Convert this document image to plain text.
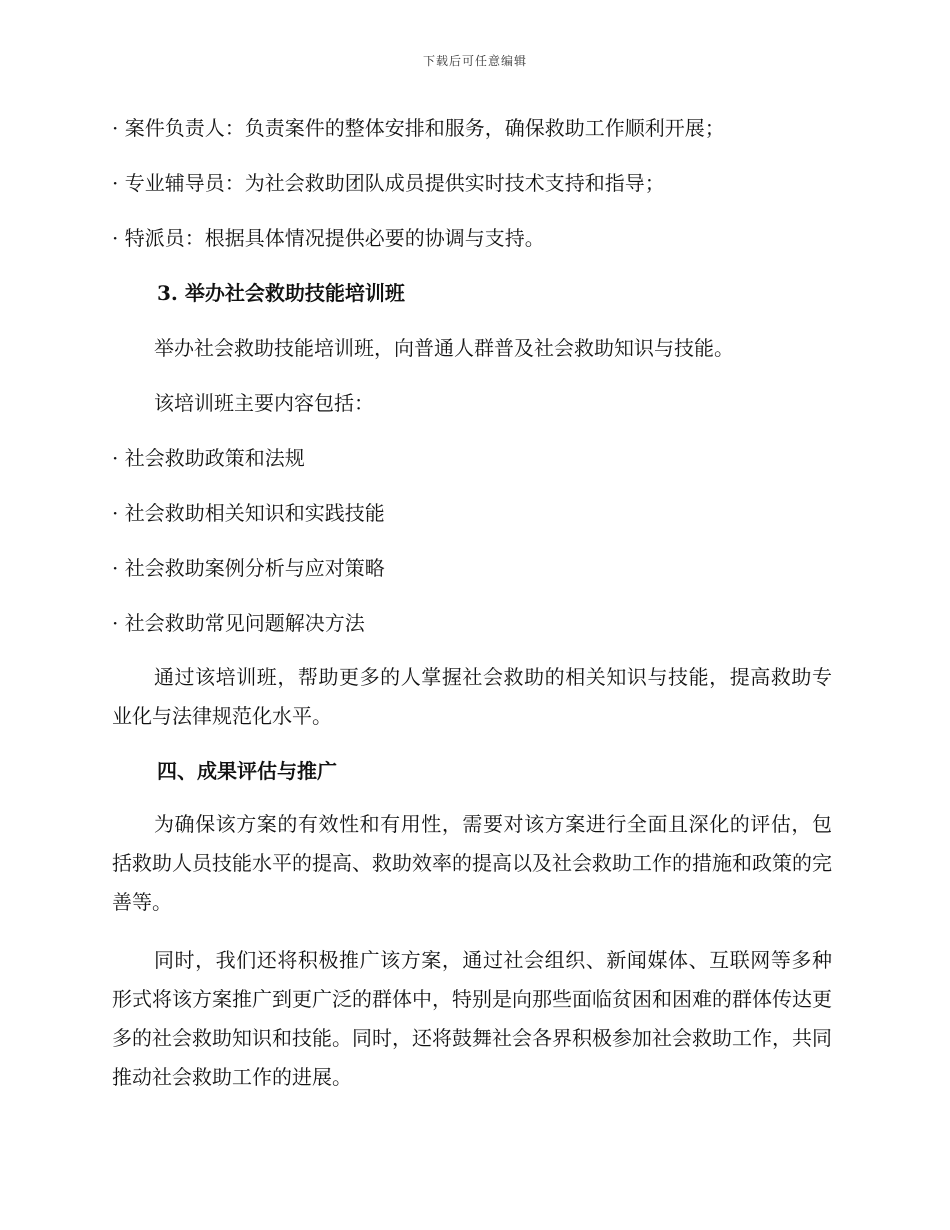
下载后可任意编辑

· 案件负责人：负责案件的整体安排和服务，确保救助工作顺利开展；

· 专业辅导员：为社会救助团队成员提供实时技术支持和指导；

· 特派员：根据具体情况提供必要的协调与支持。

3. 举办社会救助技能培训班

举办社会救助技能培训班，向普通人群普及社会救助知识与技能。

该培训班主要内容包括：

· 社会救助政策和法规

· 社会救助相关知识和实践技能

· 社会救助案例分析与应对策略

· 社会救助常见问题解决方法

通过该培训班，帮助更多的人掌握社会救助的相关知识与技能，提高救助专业化与法律规范化水平。

四、成果评估与推广

为确保该方案的有效性和有用性，需要对该方案进行全面且深化的评估，包括救助人员技能水平的提高、救助效率的提高以及社会救助工作的措施和政策的完善等。

同时，我们还将积极推广该方案，通过社会组织、新闻媒体、互联网等多种形式将该方案推广到更广泛的群体中，特别是向那些面临贫困和困难的群体传达更多的社会救助知识和技能。同时，还将鼓舞社会各界积极参加社会救助工作，共同推动社会救助工作的进展。
